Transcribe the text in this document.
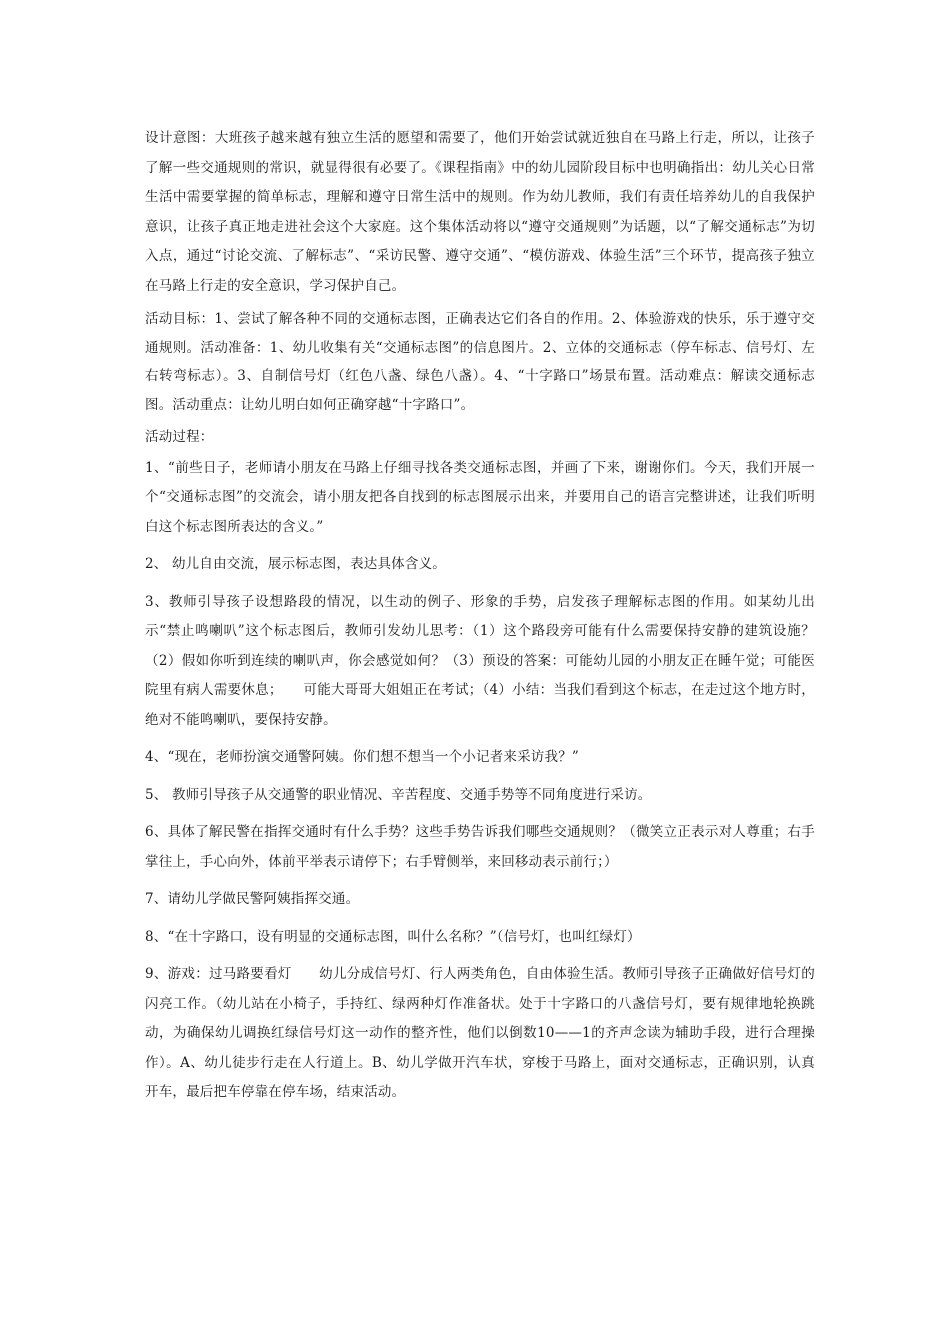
设计意图：大班孩子越来越有独立生活的愿望和需要了，他们开始尝试就近独自在马路上行走，所以，让孩子了解一些交通规则的常识，就显得很有必要了。《课程指南》中的幼儿园阶段目标中也明确指出：幼儿关心日常生活中需要掌握的简单标志，理解和遵守日常生活中的规则。作为幼儿教师，我们有责任培养幼儿的自我保护意识，让孩子真正地走进社会这个大家庭。这个集体活动将以“遵守交通规则”为话题，以“了解交通标志”为切入点，通过“讨论交流、了解标志”、“采访民警、遵守交通”、“模仿游戏、体验生活”三个环节，提高孩子独立在马路上行走的安全意识，学习保护自己。

活动目标：1、尝试了解各种不同的交通标志图，正确表达它们各自的作用。2、体验游戏的快乐，乐于遵守交通规则。活动准备：1、幼儿收集有关“交通标志图”的信息图片。2、立体的交通标志（停车标志、信号灯、左右转弯标志）。3、自制信号灯（红色八盏、绿色八盏）。4、“十字路口”场景布置。活动难点：解读交通标志图。活动重点：让幼儿明白如何正确穿越“十字路口”。

活动过程：

1、“前些日子，老师请小朋友在马路上仔细寻找各类交通标志图，并画了下来，谢谢你们。今天，我们开展一个“交通标志图”的交流会，请小朋友把各自找到的标志图展示出来，并要用自己的语言完整讲述，让我们听明白这个标志图所表达的含义。”

2、 幼儿自由交流，展示标志图，表达具体含义。

3、教师引导孩子设想路段的情况，以生动的例子、形象的手势，启发孩子理解标志图的作用。如某幼儿出示“禁止鸣喇叭”这个标志图后，教师引发幼儿思考：（1）这个路段旁可能有什么需要保持安静的建筑设施？（2）假如你听到连续的喇叭声，你会感觉如何？（3）预设的答案：可能幼儿园的小朋友正在睡午觉；可能医院里有病人需要休息；　　可能大哥哥大姐姐正在考试；（4）小结：当我们看到这个标志，在走过这个地方时，绝对不能鸣喇叭，要保持安静。

4、“现在，老师扮演交通警阿姨。你们想不想当一个小记者来采访我？”

5、 教师引导孩子从交通警的职业情况、辛苦程度、交通手势等不同角度进行采访。

6、具体了解民警在指挥交通时有什么手势？这些手势告诉我们哪些交通规则？（微笑立正表示对人尊重；右手掌往上，手心向外，体前平举表示请停下；右手臂侧举，来回移动表示前行；）

7、请幼儿学做民警阿姨指挥交通。

8、“在十字路口，设有明显的交通标志图，叫什么名称？”（信号灯，也叫红绿灯）

9、游戏：过马路要看灯　　幼儿分成信号灯、行人两类角色，自由体验生活。教师引导孩子正确做好信号灯的闪亮工作。（幼儿站在小椅子，手持红、绿两种灯作准备状。处于十字路口的八盏信号灯，要有规律地轮换跳动，为确保幼儿调换红绿信号灯这一动作的整齐性，他们以倒数10——1的齐声念读为辅助手段，进行合理操作）。A、幼儿徒步行走在人行道上。B、幼儿学做开汽车状，穿梭于马路上，面对交通标志，正确识别，认真开车，最后把车停靠在停车场，结束活动。
